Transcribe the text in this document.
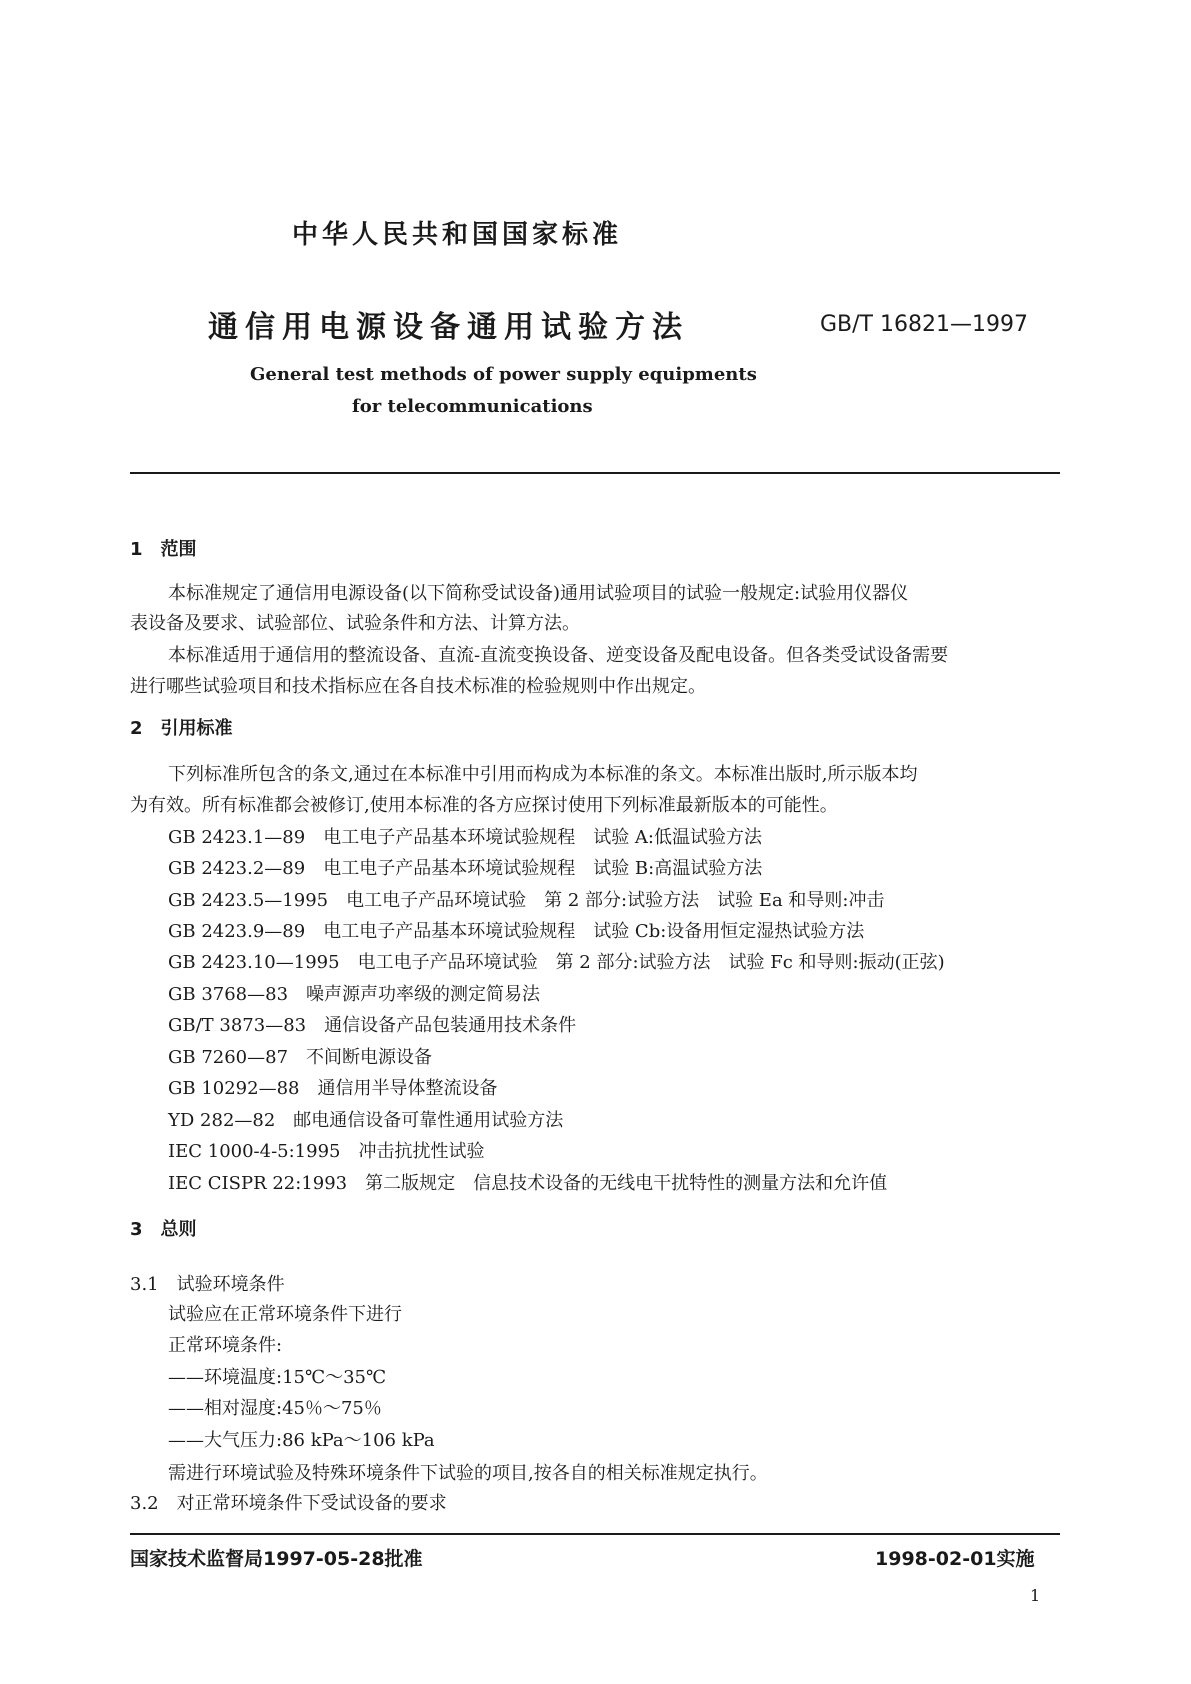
中华人民共和国国家标准
通信用电源设备通用试验方法	GB/T 16821—1997
General test methods of power supply equipments
for telecommunications
1　范围
本标准规定了通信用电源设备(以下简称受试设备)通用试验项目的试验一般规定:试验用仪器仪
表设备及要求、试验部位、试验条件和方法、计算方法。
本标准适用于通信用的整流设备、直流-直流变换设备、逆变设备及配电设备。但各类受试设备需要
进行哪些试验项目和技术指标应在各自技术标准的检验规则中作出规定。
2　引用标准
下列标准所包含的条文,通过在本标准中引用而构成为本标准的条文。本标准出版时,所示版本均
为有效。所有标准都会被修订,使用本标准的各方应探讨使用下列标准最新版本的可能性。
GB 2423.1—89　电工电子产品基本环境试验规程　试验 A:低温试验方法
GB 2423.2—89　电工电子产品基本环境试验规程　试验 B:高温试验方法
GB 2423.5—1995　电工电子产品环境试验　第 2 部分:试验方法　试验 Ea 和导则:冲击
GB 2423.9—89　电工电子产品基本环境试验规程　试验 Cb:设备用恒定湿热试验方法
GB 2423.10—1995　电工电子产品环境试验　第 2 部分:试验方法　试验 Fc 和导则:振动(正弦)
GB 3768—83　噪声源声功率级的测定简易法
GB/T 3873—83　通信设备产品包装通用技术条件
GB 7260—87　不间断电源设备
GB 10292—88　通信用半导体整流设备
YD 282—82　邮电通信设备可靠性通用试验方法
IEC 1000-4-5:1995　冲击抗扰性试验
IEC CISPR 22:1993　第二版规定　信息技术设备的无线电干扰特性的测量方法和允许值
3　总则
3.1　试验环境条件
试验应在正常环境条件下进行
正常环境条件:
——环境温度:15℃～35℃
——相对湿度:45％～75％
——大气压力:86 kPa～106 kPa
需进行环境试验及特殊环境条件下试验的项目,按各自的相关标准规定执行。
3.2　对正常环境条件下受试设备的要求
国家技术监督局1997-05-28批准	1998-02-01实施
1
